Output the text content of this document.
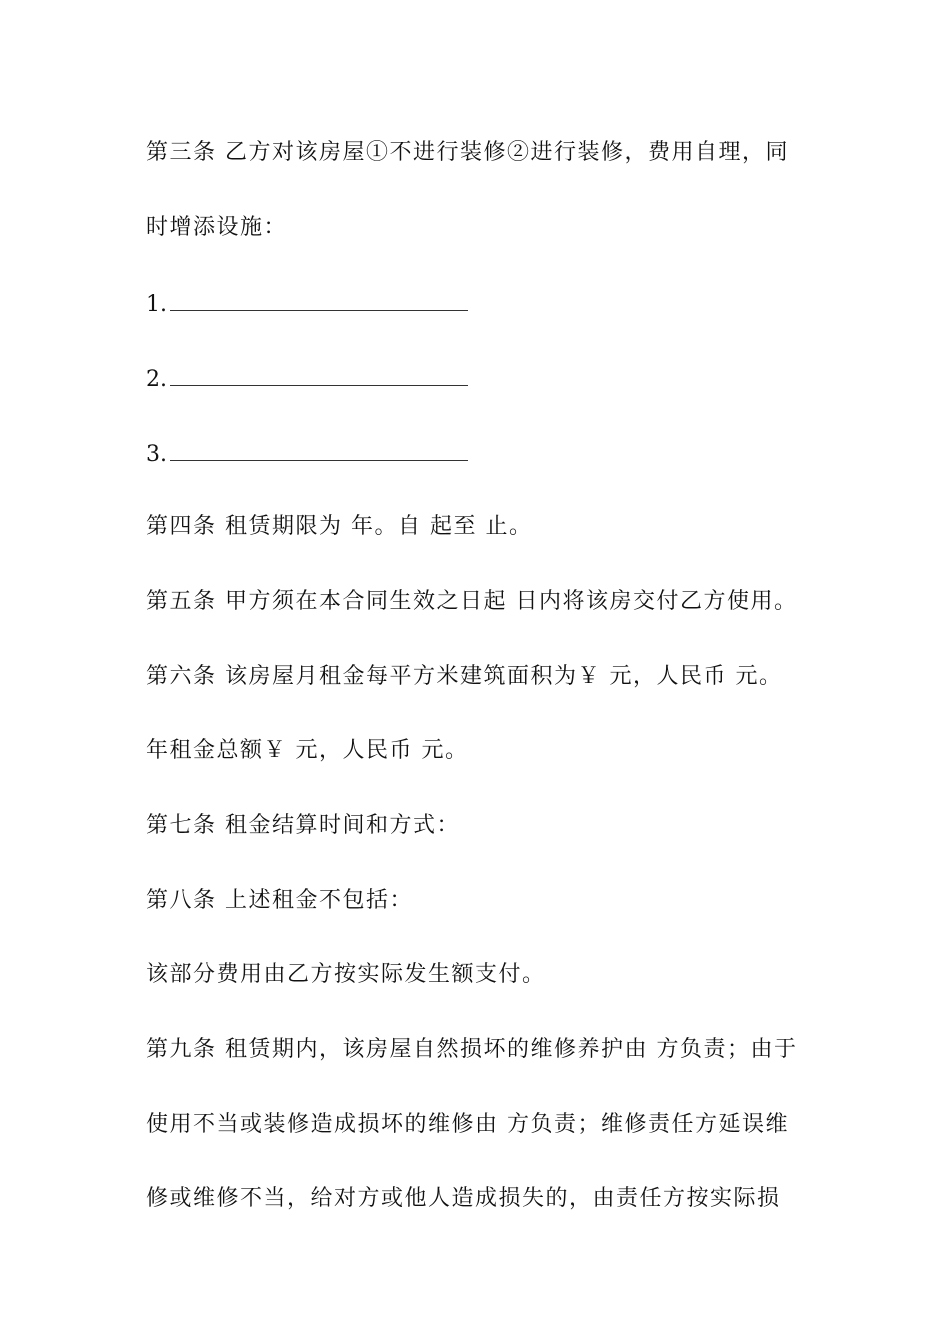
第三条 乙方对该房屋①不进行装修②进行装修，费用自理，同
时增添设施：
1.
2.
3.
第四条 租赁期限为 年。自 起至 止。
第五条 甲方须在本合同生效之日起 日内将该房交付乙方使用。
第六条 该房屋月租金每平方米建筑面积为￥ 元，人民币 元。
年租金总额￥ 元，人民币 元。
第七条 租金结算时间和方式：
第八条 上述租金不包括：
该部分费用由乙方按实际发生额支付。
第九条 租赁期内，该房屋自然损坏的维修养护由 方负责；由于
使用不当或装修造成损坏的维修由 方负责；维修责任方延误维
修或维修不当，给对方或他人造成损失的，由责任方按实际损
